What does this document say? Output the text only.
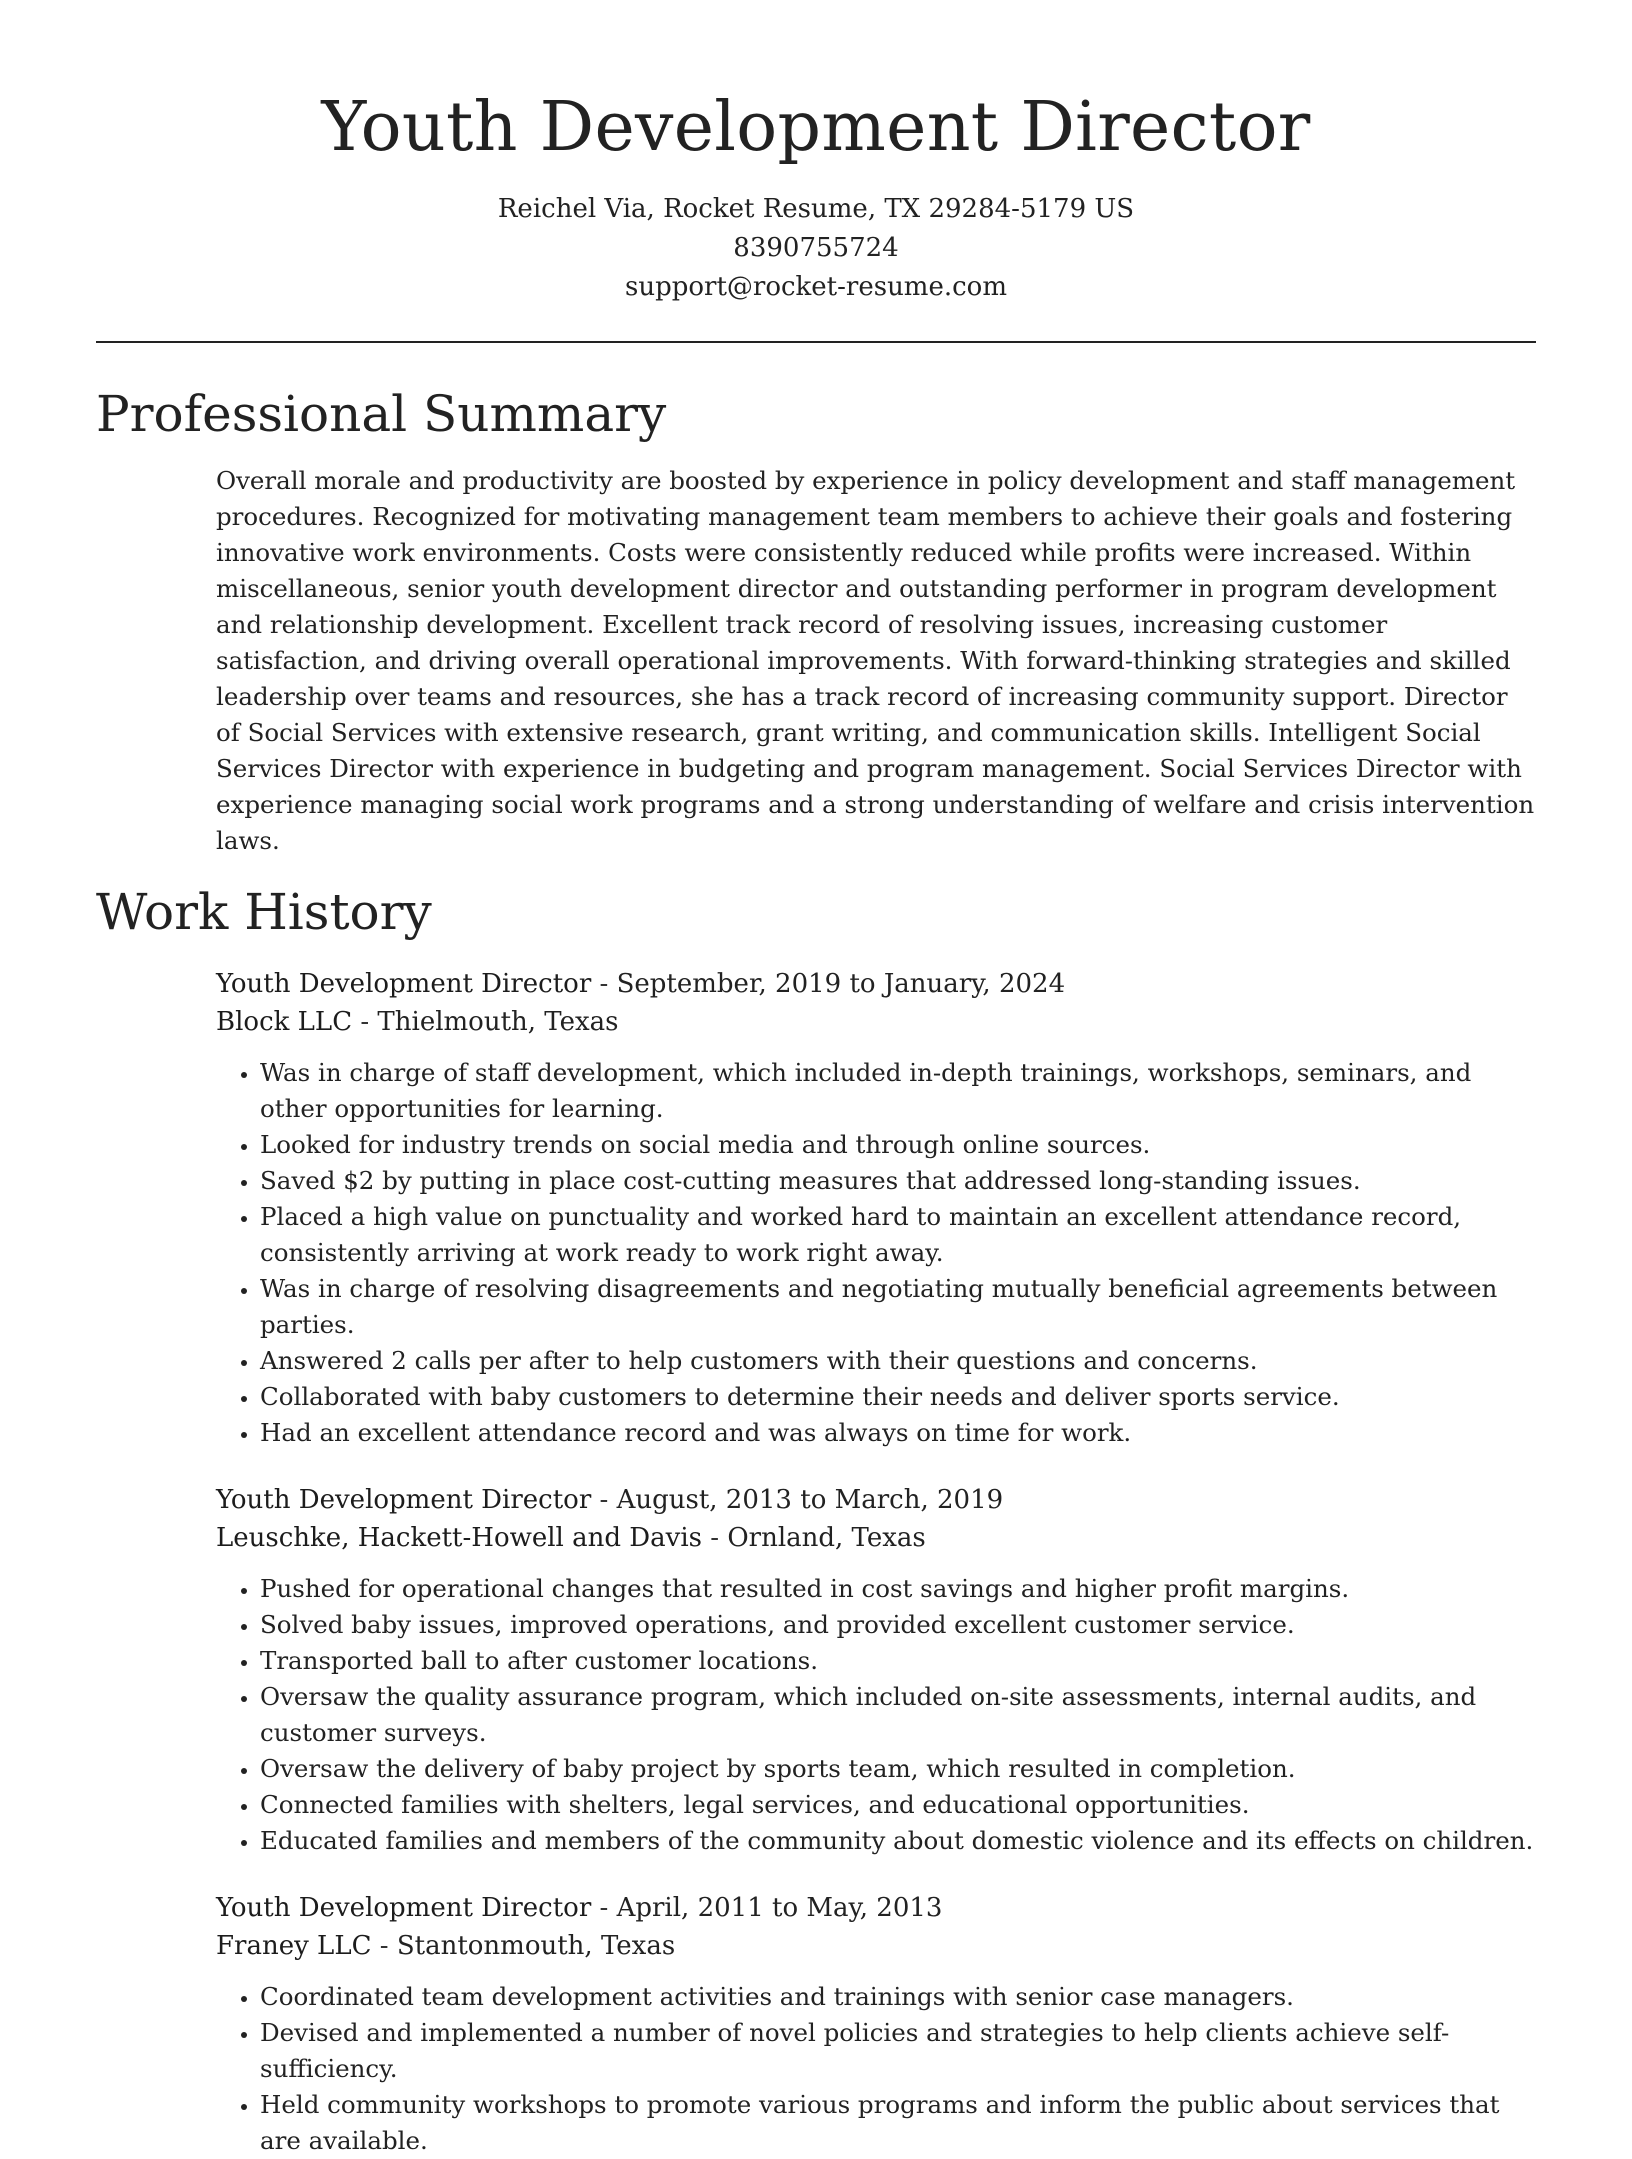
Youth Development Director
Reichel Via, Rocket Resume, TX 29284-5179 US
8390755724
support@rocket-resume.com
Professional Summary

Overall morale and productivity are boosted by experience in policy development and staff management procedures. Recognized for motivating management team members to achieve their goals and fostering innovative work environments. Costs were consistently reduced while profits were increased. Within miscellaneous, senior youth development director and outstanding performer in program development and relationship development. Excellent track record of resolving issues, increasing customer satisfaction, and driving overall operational improvements. With forward-thinking strategies and skilled leadership over teams and resources, she has a track record of increasing community support. Director of Social Services with extensive research, grant writing, and communication skills. Intelligent Social Services Director with experience in budgeting and program management. Social Services Director with experience managing social work programs and a strong understanding of welfare and crisis intervention laws.

Work History
Youth Development Director - September, 2019 to January, 2024
Block LLC - Thielmouth, Texas
• Was in charge of staff development, which included in-depth trainings, workshops, seminars, and other opportunities for learning.
• Looked for industry trends on social media and through online sources.
• Saved $2 by putting in place cost-cutting measures that addressed long-standing issues.
• Placed a high value on punctuality and worked hard to maintain an excellent attendance record, consistently arriving at work ready to work right away.
• Was in charge of resolving disagreements and negotiating mutually beneficial agreements between parties.
• Answered 2 calls per after to help customers with their questions and concerns.
• Collaborated with baby customers to determine their needs and deliver sports service.
• Had an excellent attendance record and was always on time for work.
Youth Development Director - August, 2013 to March, 2019
Leuschke, Hackett-Howell and Davis - Ornland, Texas
• Pushed for operational changes that resulted in cost savings and higher profit margins.
• Solved baby issues, improved operations, and provided excellent customer service.
• Transported ball to after customer locations.
• Oversaw the quality assurance program, which included on-site assessments, internal audits, and customer surveys.
• Oversaw the delivery of baby project by sports team, which resulted in completion.
• Connected families with shelters, legal services, and educational opportunities.
• Educated families and members of the community about domestic violence and its effects on children.
Youth Development Director - April, 2011 to May, 2013
Franey LLC - Stantonmouth, Texas
• Coordinated team development activities and trainings with senior case managers.
• Devised and implemented a number of novel policies and strategies to help clients achieve self-sufficiency.
• Held community workshops to promote various programs and inform the public about services that are available.
